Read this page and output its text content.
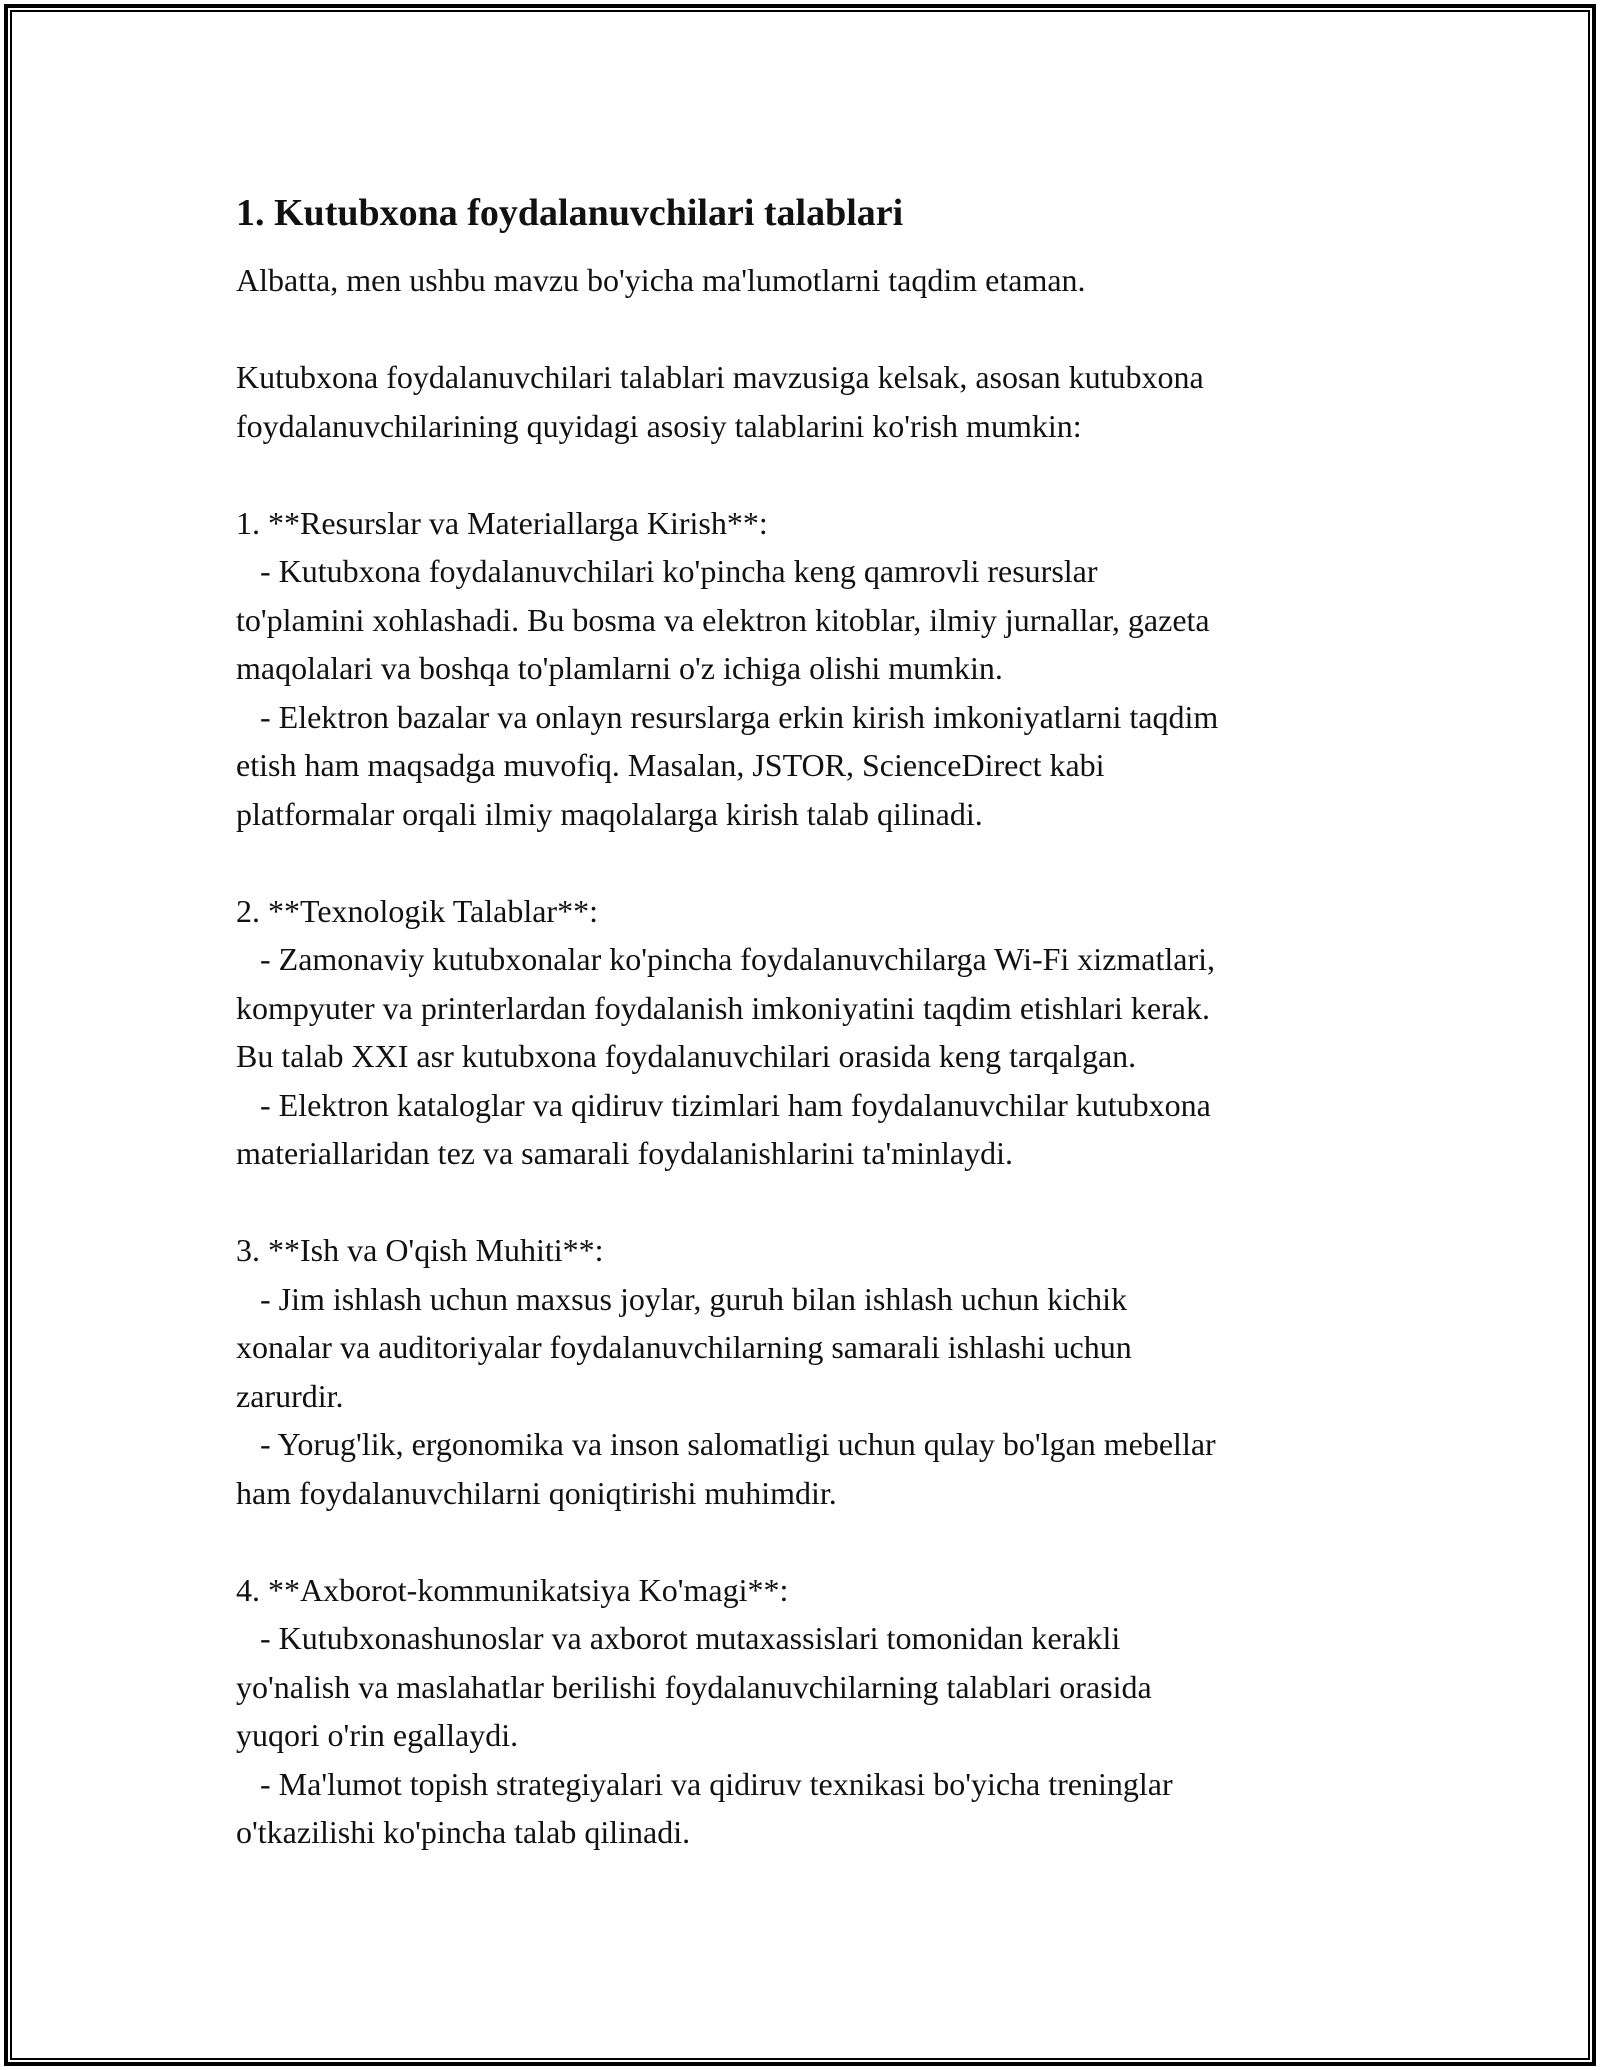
1. Kutubxona foydalanuvchilari talablari

Albatta, men ushbu mavzu bo'yicha ma'lumotlarni taqdim etaman.

Kutubxona foydalanuvchilari talablari mavzusiga kelsak, asosan kutubxona
foydalanuvchilarining quyidagi asosiy talablarini ko'rish mumkin:

1. **Resurslar va Materiallarga Kirish**:
- Kutubxona foydalanuvchilari ko'pincha keng qamrovli resurslar
to'plamini xohlashadi. Bu bosma va elektron kitoblar, ilmiy jurnallar, gazeta
maqolalari va boshqa to'plamlarni o'z ichiga olishi mumkin.
- Elektron bazalar va onlayn resurslarga erkin kirish imkoniyatlarni taqdim
etish ham maqsadga muvofiq. Masalan, JSTOR, ScienceDirect kabi
platformalar orqali ilmiy maqolalarga kirish talab qilinadi.

2. **Texnologik Talablar**:
- Zamonaviy kutubxonalar ko'pincha foydalanuvchilarga Wi-Fi xizmatlari,
kompyuter va printerlardan foydalanish imkoniyatini taqdim etishlari kerak.
Bu talab XXI asr kutubxona foydalanuvchilari orasida keng tarqalgan.
- Elektron kataloglar va qidiruv tizimlari ham foydalanuvchilar kutubxona
materiallaridan tez va samarali foydalanishlarini ta'minlaydi.

3. **Ish va O'qish Muhiti**:
- Jim ishlash uchun maxsus joylar, guruh bilan ishlash uchun kichik
xonalar va auditoriyalar foydalanuvchilarning samarali ishlashi uchun
zarurdir.
- Yorug'lik, ergonomika va inson salomatligi uchun qulay bo'lgan mebellar
ham foydalanuvchilarni qoniqtirishi muhimdir.

4. **Axborot-kommunikatsiya Ko'magi**:
- Kutubxonashunoslar va axborot mutaxassislari tomonidan kerakli
yo'nalish va maslahatlar berilishi foydalanuvchilarning talablari orasida
yuqori o'rin egallaydi.
- Ma'lumot topish strategiyalari va qidiruv texnikasi bo'yicha treninglar
o'tkazilishi ko'pincha talab qilinadi.
